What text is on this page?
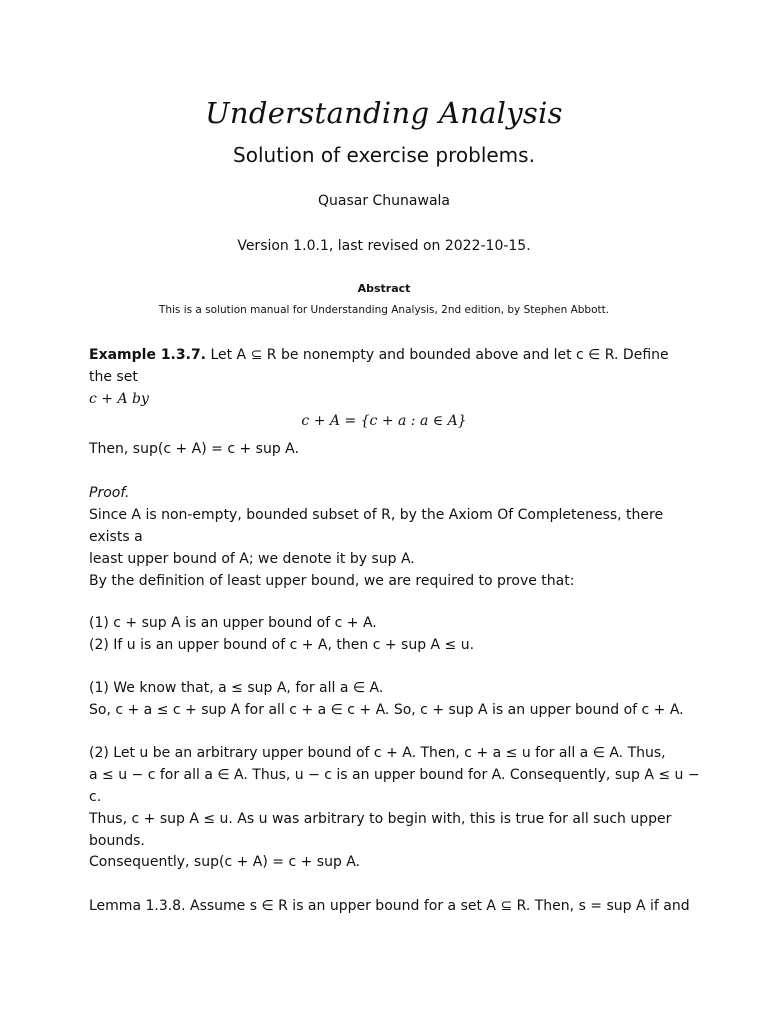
Understanding Analysis
Solution of exercise problems.
Quasar Chunawala
Version 1.0.1, last revised on 2022-10-15.
Abstract
This is a solution manual for Understanding Analysis, 2nd edition, by Stephen Abbott.
Example 1.3.7. Let A ⊆ R be nonempty and bounded above and let c ∈ R. Define the set
c + A by
c + A = {c + a : a ∈ A}

Then, sup(c + A) = c + sup A.

Proof.

Since A is non-empty, bounded subset of R, by the Axiom Of Completeness, there exists a
least upper bound of A; we denote it by sup A.

By the definition of least upper bound, we are required to prove that:

(1) c + sup A is an upper bound of c + A.
(2) If u is an upper bound of c + A, then c + sup A ≤ u.
(1) We know that, a ≤ sup A, for all a ∈ A.
So, c + a ≤ c + sup A for all c + a ∈ c + A. So, c + sup A is an upper bound of c + A.
(2) Let u be an arbitrary upper bound of c + A. Then, c + a ≤ u for all a ∈ A. Thus,
a ≤ u − c for all a ∈ A. Thus, u − c is an upper bound for A. Consequently, sup A ≤ u − c.
Thus, c + sup A ≤ u. As u was arbitrary to begin with, this is true for all such upper
bounds.

Consequently, sup(c + A) = c + sup A.

Lemma 1.3.8. Assume s ∈ R is an upper bound for a set A ⊆ R. Then, s = sup A if and
